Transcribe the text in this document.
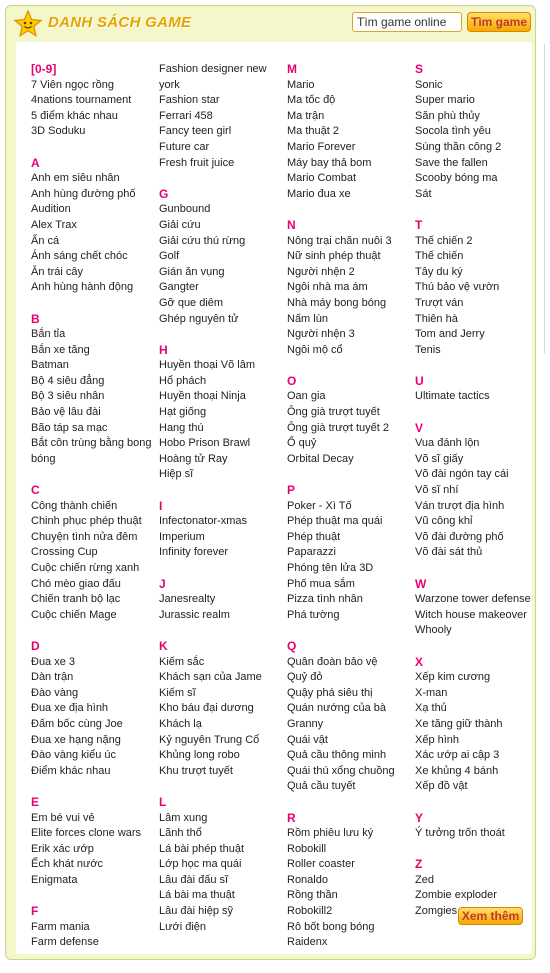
DANH SÁCH GAME
Tìm game online	Tìm game
[0-9]
7 Viên ngọc rồng
4nations tournament
5 điểm khác nhau
3D Soduku
A
Anh em siêu nhân
Anh hùng đường phố
Audition
Alex Trax
Ẩn cá
Ánh sáng chết chóc
Ăn trái cây
Anh hùng hành động
B
Bắn tỉa
Bắn xe tăng
Batman
Bộ 4 siêu đẳng
Bộ 3 siêu nhân
Bảo vệ lâu đài
Bão táp sa mạc
Bắt côn trùng bằng bong bóng
C
Công thành chiến
Chinh phục phép thuật
Chuyện tình nửa đêm
Crossing Cup
Cuộc chiến rừng xanh
Chó mèo giao đấu
Chiến tranh bộ lạc
Cuộc chiến Mage
D
Đua xe 3
Dàn trận
Đào vàng
Đua xe địa hình
Đấm bốc cùng Joe
Đua xe hạng nặng
Đào vàng kiểu úc
Điểm khác nhau
E
Em bé vui vẻ
Elite forces clone wars
Erik xác ướp
Ếch khát nước
Enigmata
F
Farm mania
Farm defense
Fashion designer new york
Fashion star
Ferrari 458
Fancy teen girl
Future car
Fresh fruit juice
G
Gunbound
Giải cứu
Giải cứu thú rừng
Golf
Gián ăn vụng
Gangter
Gỡ que diêm
Ghép nguyên tử
H
Huyền thoại Võ lâm
Hổ phách
Huyền thoại Ninja
Hạt giống
Hang thú
Hobo Prison Brawl
Hoàng tử Ray
Hiệp sĩ
I
Infectonator-xmas
Imperium
Infinity forever
J
Janesrealty
Jurassic realm
K
Kiếm sắc
Khách sạn của Jame
Kiếm sĩ
Kho báu đại dương
Khách lạ
Kỷ nguyên Trung Cổ
Khủng long robo
Khu trượt tuyết
L
Lâm xung
Lãnh thổ
Lá bài phép thuật
Lớp học ma quái
Lâu đài đấu sĩ
Lá bài ma thuật
Lâu đài hiệp sỹ
Lưới điện
M
Mario
Ma tốc độ
Ma trận
Ma thuật 2
Mario Forever
Máy bay thả bom
Mario Combat
Mario đua xe
N
Nông trại chăn nuôi 3
Nữ sinh phép thuật
Người nhện 2
Ngôi nhà ma ám
Nhà máy bong bóng
Nấm lùn
Người nhện 3
Ngôi mộ cổ
O
Oan gia
Ông già trượt tuyết
Ông già trượt tuyết 2
Ổ quỷ
Orbital Decay
P
Poker - Xì Tố
Phép thuật ma quái
Phép thuật
Paparazzi
Phóng tên lửa 3D
Phố mua sắm
Pizza tình nhân
Phá tường
Q
Quân đoàn bảo vệ
Quỷ đỏ
Quậy phá siêu thị
Quán nướng của bà
Granny
Quái vật
Quả cầu thông minh
Quái thú xổng chuồng
Quả cầu tuyết
R
Rồm phiêu lưu ký
Robokill
Roller coaster
Ronaldo
Rồng thần
Robokill2
Rô bốt bong bóng
Raidenx
S
Sonic
Super mario
Săn phù thủy
Socola tình yêu
Súng thần công 2
Save the fallen
Scooby bóng ma
Sát
T
Thế chiến 2
Thế chiến
Tây du ký
Thú bảo vệ vườn
Trượt ván
Thiên hà
Tom and Jerry
Tenis
U
Ultimate tactics
V
Vua đánh lộn
Võ sĩ giấy
Võ đài ngón tay cái
Võ sĩ nhí
Ván trượt địa hình
Vũ công khỉ
Võ đài đường phố
Võ đài sát thủ
W
Warzone tower defense
Witch house makeover
Whooly
X
Xếp kim cương
X-man
Xạ thủ
Xe tăng giữ thành
Xếp hình
Xác ướp ai cập 3
Xe khủng 4 bánh
Xếp đồ vật
Y
Ý tưởng trốn thoát
Z
Zed
Zombie exploder
Zomgies Xem thêm
